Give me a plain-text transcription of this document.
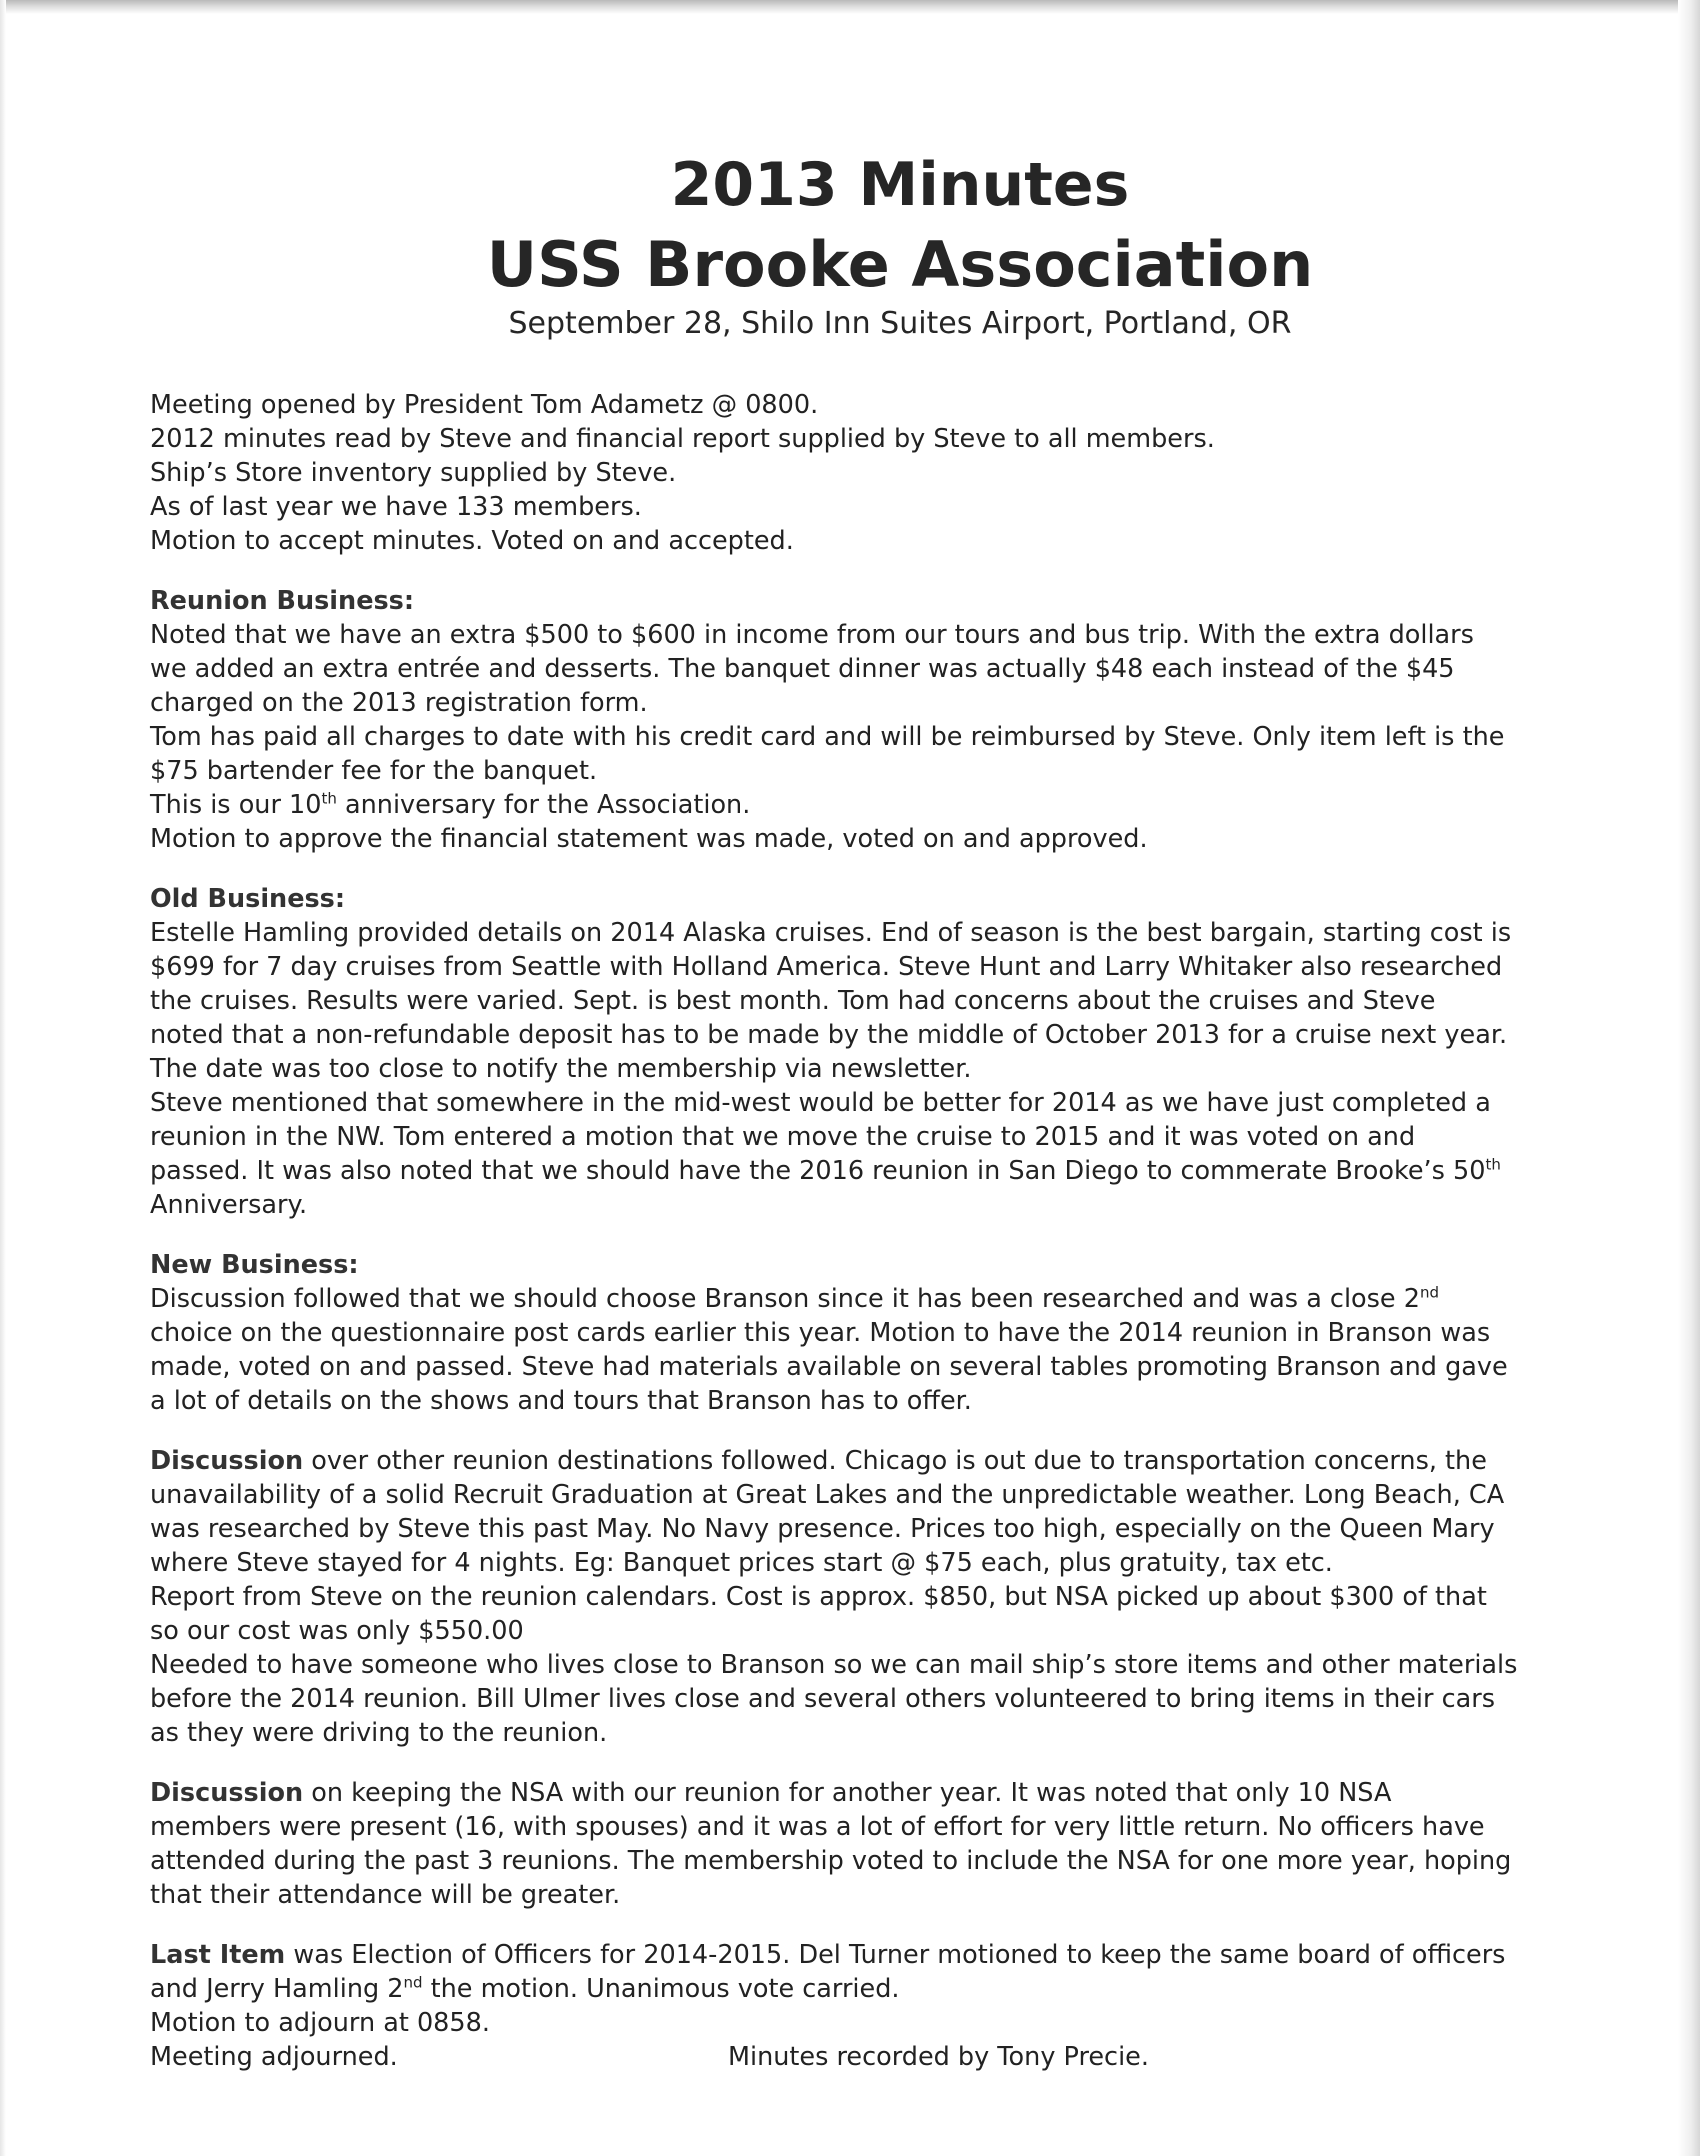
2013 Minutes
USS Brooke Association
September 28, Shilo Inn Suites Airport, Portland, OR

Meeting opened by President Tom Adametz @ 0800.

2012 minutes read by Steve and financial report supplied by Steve to all members.

Ship’s Store inventory supplied by Steve.

As of last year we have 133 members.

Motion to accept minutes. Voted on and accepted.

Reunion Business:

Noted that we have an extra $500 to $600 in income from our tours and bus trip. With the extra dollars

we added an extra entrée and desserts. The banquet dinner was actually $48 each instead of the $45

charged on the 2013 registration form.

Tom has paid all charges to date with his credit card and will be reimbursed by Steve. Only item left is the

$75 bartender fee for the banquet.

This is our 10th anniversary for the Association.

Motion to approve the financial statement was made, voted on and approved.

Old Business:

Estelle Hamling provided details on 2014 Alaska cruises. End of season is the best bargain, starting cost is

$699 for 7 day cruises from Seattle with Holland America. Steve Hunt and Larry Whitaker also researched

the cruises. Results were varied. Sept. is best month. Tom had concerns about the cruises and Steve

noted that a non-refundable deposit has to be made by the middle of October 2013 for a cruise next year.

The date was too close to notify the membership via newsletter.

Steve mentioned that somewhere in the mid-west would be better for 2014 as we have just completed a

reunion in the NW. Tom entered a motion that we move the cruise to 2015 and it was voted on and

passed. It was also noted that we should have the 2016 reunion in San Diego to commerate Brooke’s 50th

Anniversary.

New Business:

Discussion followed that we should choose Branson since it has been researched and was a close 2nd

choice on the questionnaire post cards earlier this year. Motion to have the 2014 reunion in Branson was

made, voted on and passed. Steve had materials available on several tables promoting Branson and gave

a lot of details on the shows and tours that Branson has to offer.

Discussion over other reunion destinations followed. Chicago is out due to transportation concerns, the

unavailability of a solid Recruit Graduation at Great Lakes and the unpredictable weather. Long Beach, CA

was researched by Steve this past May. No Navy presence. Prices too high, especially on the Queen Mary

where Steve stayed for 4 nights. Eg: Banquet prices start @ $75 each, plus gratuity, tax etc.

Report from Steve on the reunion calendars. Cost is approx. $850, but NSA picked up about $300 of that

so our cost was only $550.00

Needed to have someone who lives close to Branson so we can mail ship’s store items and other materials

before the 2014 reunion. Bill Ulmer lives close and several others volunteered to bring items in their cars

as they were driving to the reunion.

Discussion on keeping the NSA with our reunion for another year. It was noted that only 10 NSA

members were present (16, with spouses) and it was a lot of effort for very little return. No officers have

attended during the past 3 reunions. The membership voted to include the NSA for one more year, hoping

that their attendance will be greater.

Last Item was Election of Officers for 2014-2015. Del Turner motioned to keep the same board of officers

and Jerry Hamling 2nd the motion. Unanimous vote carried.

Motion to adjourn at 0858.

Meeting adjourned.	Minutes recorded by Tony Precie.
